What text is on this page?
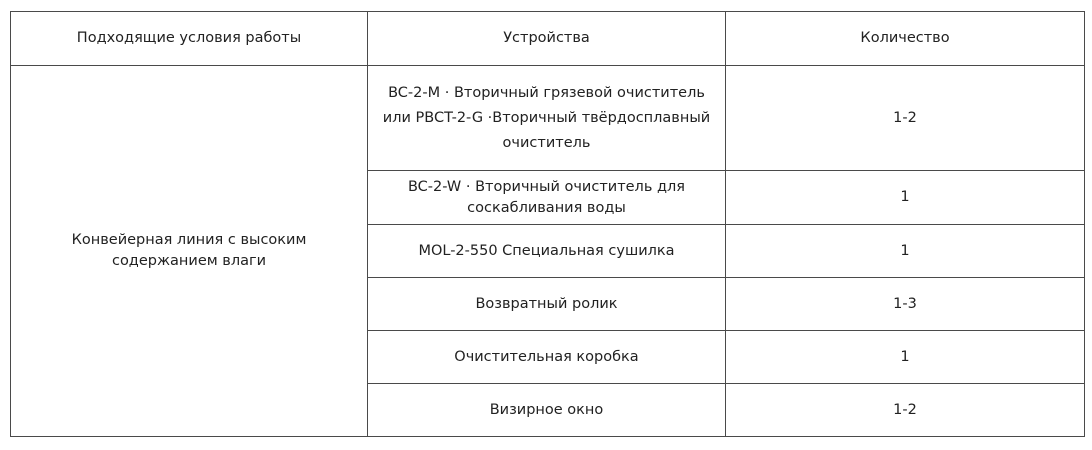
Подходящие условия работы	Устройства	Количество
Конвейерная линия с высоким содержанием влаги	BC-2-M · Вторичный грязевой очиститель или PBCT-2-G ·Вторичный твёрдосплавный очиститель	1-2
	BC-2-W · Вторичный очиститель для соскабливания воды	1
	MOL-2-550 Специальная сушилка	1
	Возвратный ролик	1-3
	Очистительная коробка	1
	Визирное окно	1-2
